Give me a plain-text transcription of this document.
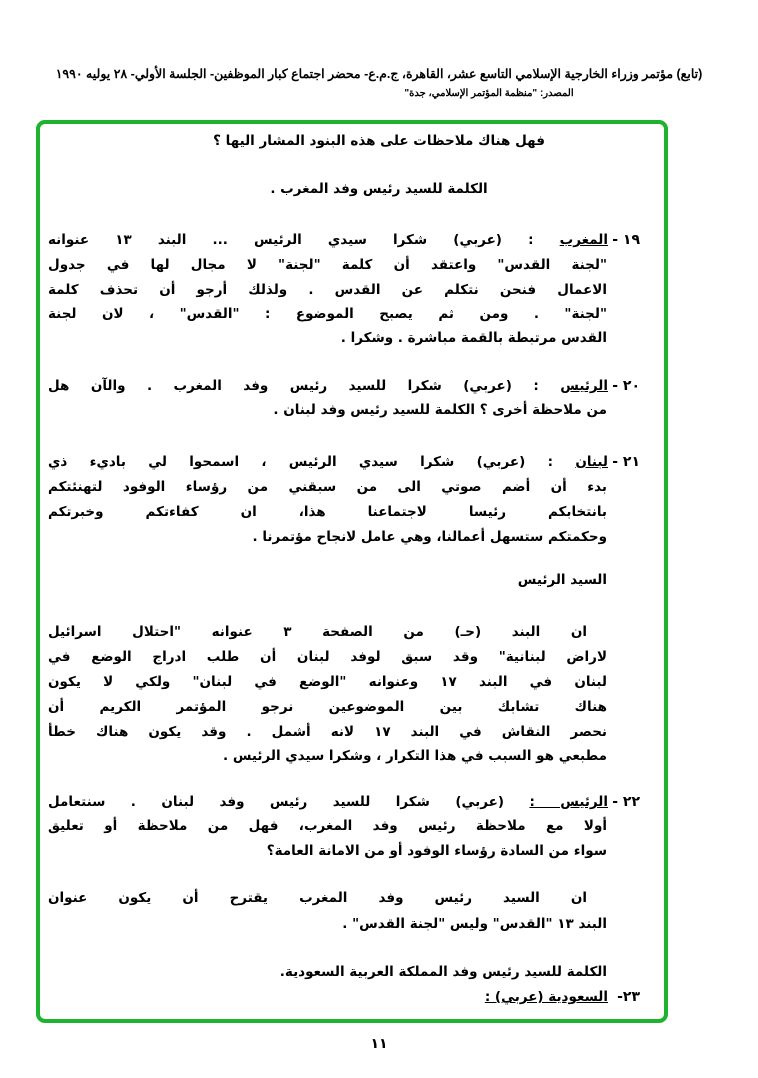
(تابع) مؤتمر وزراء الخارجية الإسلامي التاسع عشر، القاهرة، ج.م.ع- محضر اجتماع كبار الموظفين- الجلسة الأولي- ٢٨ يوليه ١٩٩٠
المصدر: "منظمة المؤتمر الإسلامي، جدة"
فهل هناك ملاحظات على هذه البنود المشار اليها ؟
الكلمة للسيد رئيس وفد المغرب .
١٩ -
المغرب : (عربي) شكرا سيدي الرئيس ... البند ١٣ عنوانه
"لجنة القدس" واعتقد أن كلمة "لجنة" لا مجال لها في جدول
الاعمال فنحن نتكلم عن القدس . ولذلك أرجو أن تحذف كلمة
"لجنة" . ومن ثم يصبح الموضوع : "القدس" ، لان لجنة
القدس مرتبطة بالقمة مباشرة . وشكرا .
٢٠ -
الرئيس : (عربي) شكرا للسيد رئيس وفد المغرب . والآن هل
من ملاحظة أخرى ؟ الكلمة للسيد رئيس وفد لبنان .
٢١ -
لبنان : (عربي) شكرا سيدي الرئيس ، اسمحوا لي باديء ذي
بدء أن أضم صوتي الى من سبقني من رؤساء الوفود لتهنئتكم
بانتخابكم رئيسا لاجتماعنا هذا، ان كفاءتكم وخبرتكم
وحكمتكم ستسهل أعمالنا، وهي عامل لانجاح مؤتمرنا .
السيد الرئيس
ان البند (حـ) من الصفحة ٣ عنوانه "احتلال اسرائيل
لاراض لبنانية" وقد سبق لوفد لبنان أن طلب ادراج الوضع في
لبنان في البند ١٧ وعنوانه "الوضع في لبنان" ولكي لا يكون
هناك تشابك بين الموضوعين نرجو المؤتمر الكريم أن
نحصر النقاش في البند ١٧ لانه أشمل . وقد يكون هناك خطأ
مطبعي هو السبب في هذا التكرار ، وشكرا سيدي الرئيس .
٢٢ -
الرئيس : (عربي) شكرا للسيد رئيس وفد لبنان . سنتعامل
أولا مع ملاحظة رئيس وفد المغرب، فهل من ملاحظة أو تعليق
سواء من السادة رؤساء الوفود أو من الامانة العامة؟
ان السيد رئيس وفد المغرب يقترح أن يكون عنوان
البند ١٣ "القدس" وليس "لجنة القدس" .
الكلمة للسيد رئيس وفد المملكة العربية السعودية.
٢٣-
السعودية (عربي) :
١١
